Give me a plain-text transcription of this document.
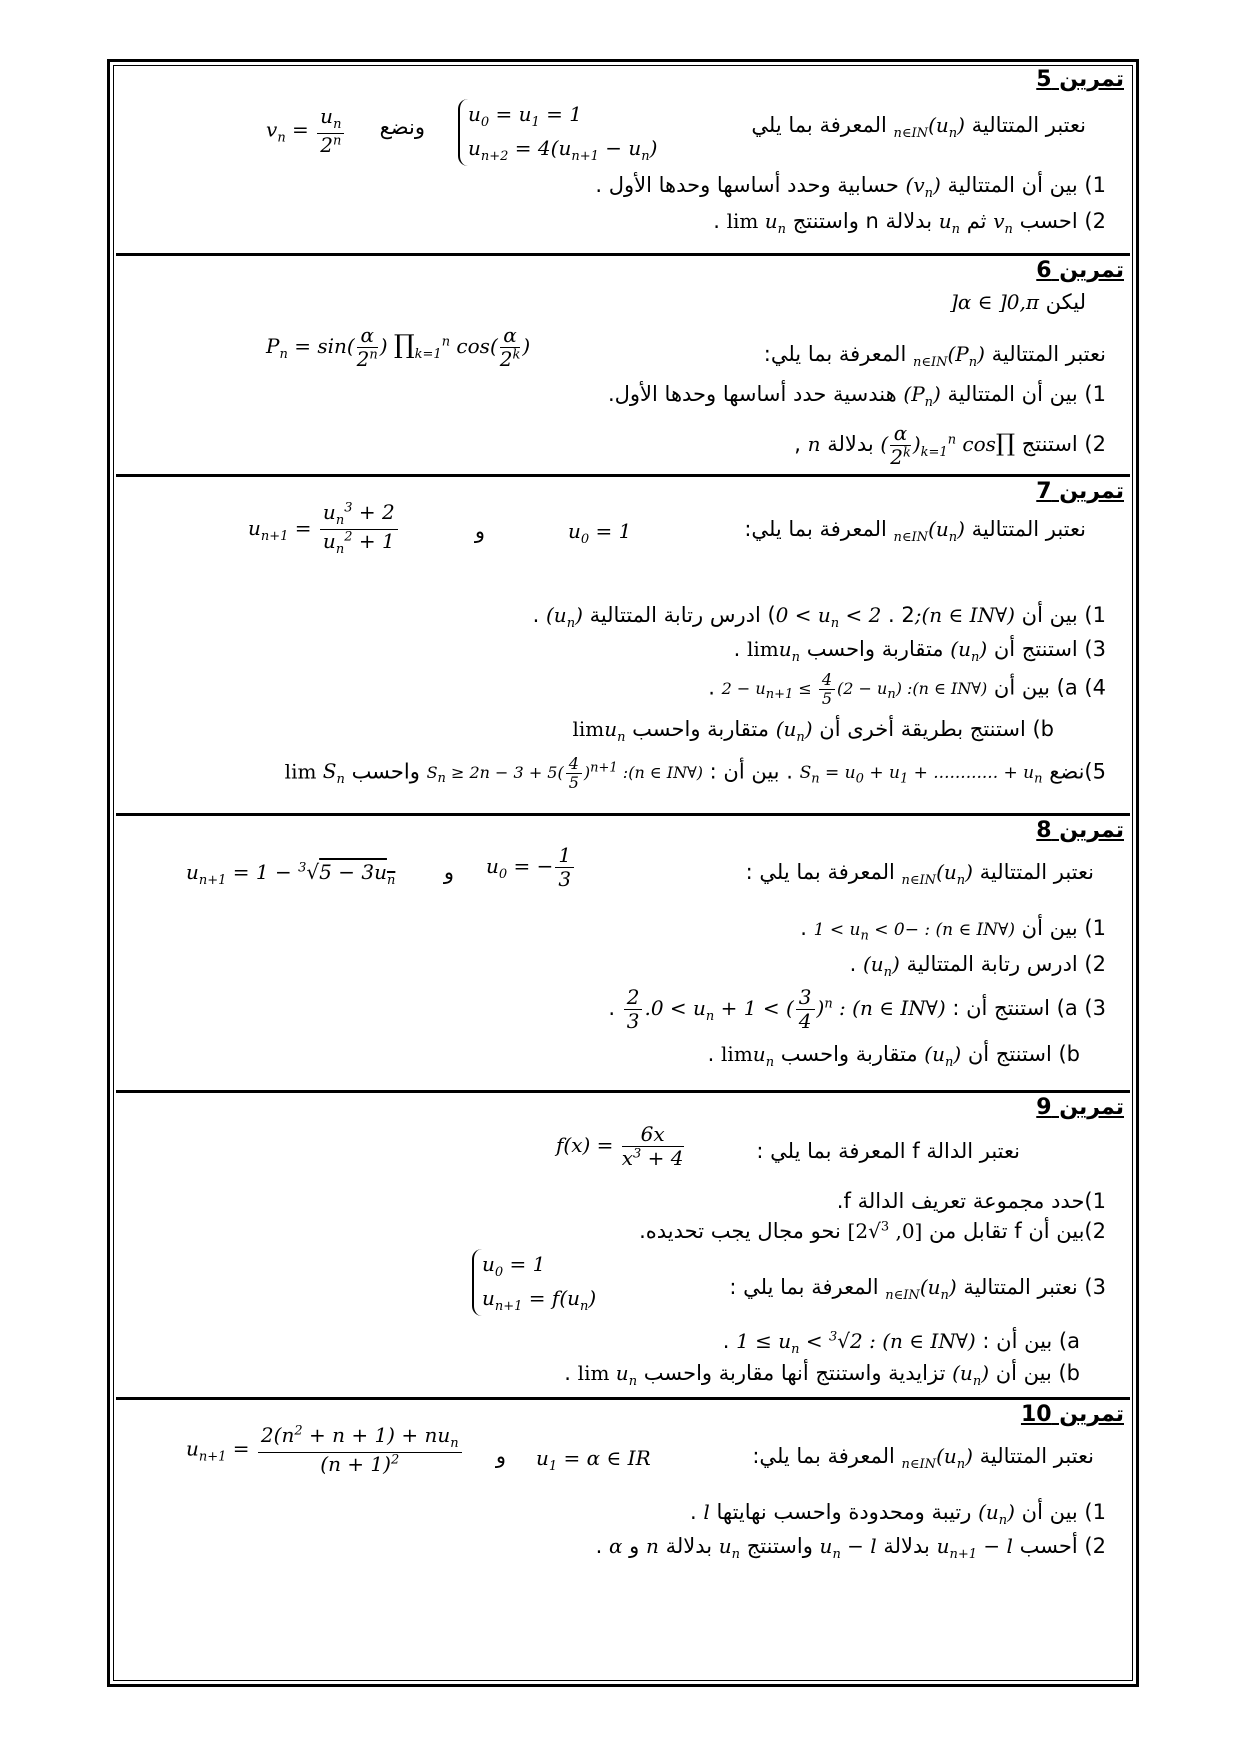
تمرين 5
نعتبر المتتالية $(u_n)_{n\in IN}$ المعرفة بما يلي
$u_0 = u_1 = 1$
$u_{n+2} = 4(u_{n+1} - u_n)$
ونضع
$v_n = \frac{u_n}{2^n}$
1) بين أن المتتالية $(v_n)$ حسابية وحدد أساسها وحدها الأول .
2) احسب $v_n$ ثم $u_n$ بدلالة n واستنتج $\lim u_n$ .
تمرين 6
ليكن α ∈ ]0,π[
نعتبر المتتالية $(P_n)_{n\in IN}$ المعرفة بما يلي:
$P_n = \sin( \frac{\alpha}{2^n}$ ) $\prod_{k=1}^n$ $\cos( \frac{\alpha}{2^k}$ )
1) بين أن المتتالية $(P_n)$ هندسية حدد أساسها وحدها الأول.
2) استنتج $\prod_{k=1}^n$ cos(
$\frac{\alpha}{2^k}$
) بدلالة n ,
تمرين 7
نعتبر المتتالية $(u_n)_{n\in IN}$ المعرفة بما يلي:
$u_0 = 1$
و
$u_{n+1} = \frac{u_n^3 + 2}{u_n^2 + 1}$
1) بين أن (∀n ∈ IN);0 < $u_n < 2$ . 2) ادرس رتابة المتتالية $(u_n)$ .
3) استنتج أن $(u_n)$ متقاربة واحسب limu$_n$ .
4) a) بين أن (∀n ∈ IN): $2 - u_{n+1} \le \frac{4}{5} (2 - u_n)$ .
b) استنتج بطريقة أخرى أن $(u_n)$ متقاربة واحسب limu$_n$
5)نضع $S_n = u_0 + u_1$ + ............ + $u_n$ . بين أن : (∀n ∈ IN): $S_n \ge 2n - 3 + 5( \frac{4}{5} )^{n+1}$ واحسب $\lim S_n$
تمرين 8
نعتبر المتتالية $(u_n)_{n\in IN}$ المعرفة بما يلي :
$u_0$ = − $\frac{1}{3}$
و
$u_{n+1} = 1 - ^3√5 - 3u_n$
1) بين أن (∀n ∈ IN) : $-1 < u_n < 0$ .
2) ادرس رتابة المتتالية $(u_n)$ .
3) a) استنتج أن : (∀n ∈ IN) : $0 < u_n + 1$ < ( $\frac{3}{4} )^n$.
$\frac{2}{3}$
.
b) استنتج أن $(u_n)$ متقاربة واحسب limu$_n$ .
تمرين 9
نعتبر الدالة f المعرفة بما يلي :
$f(x) = \frac{6x}{x^3 + 4}$
1)حدد مجموعة تعريف الدالة f.
2)بين أن f تقابل من [0, $^3$√2] نحو مجال يجب تحديده.
3) نعتبر المتتالية $(u_n)_{n\in IN}$ المعرفة بما يلي :
$u_0 = 1$
$u_{n+1} = f(u_n)$
a) بين أن : (∀n ∈ IN) : $1 \le u_n < ^3√2$ .
b) بين أن $(u_n)$ تزايدية واستنتج أنها مقاربة واحسب $\lim u_n$ .
تمرين 10
نعتبر المتتالية $(u_n)_{n\in IN}$ المعرفة بما يلي:
$u_1 = \alpha$ ∈ IR
و
$u_{n+1}$ =
$2(n^2 + n + 1) + nu_n$
$(n + 1)^2$
1) بين أن $(u_n)$ رتيبة ومحدودة واحسب نهايتها l .
2) أحسب $u_{n+1} - l$ بدلالة $u_n - l$ واستنتج $u_n$ بدلالة n و α .
